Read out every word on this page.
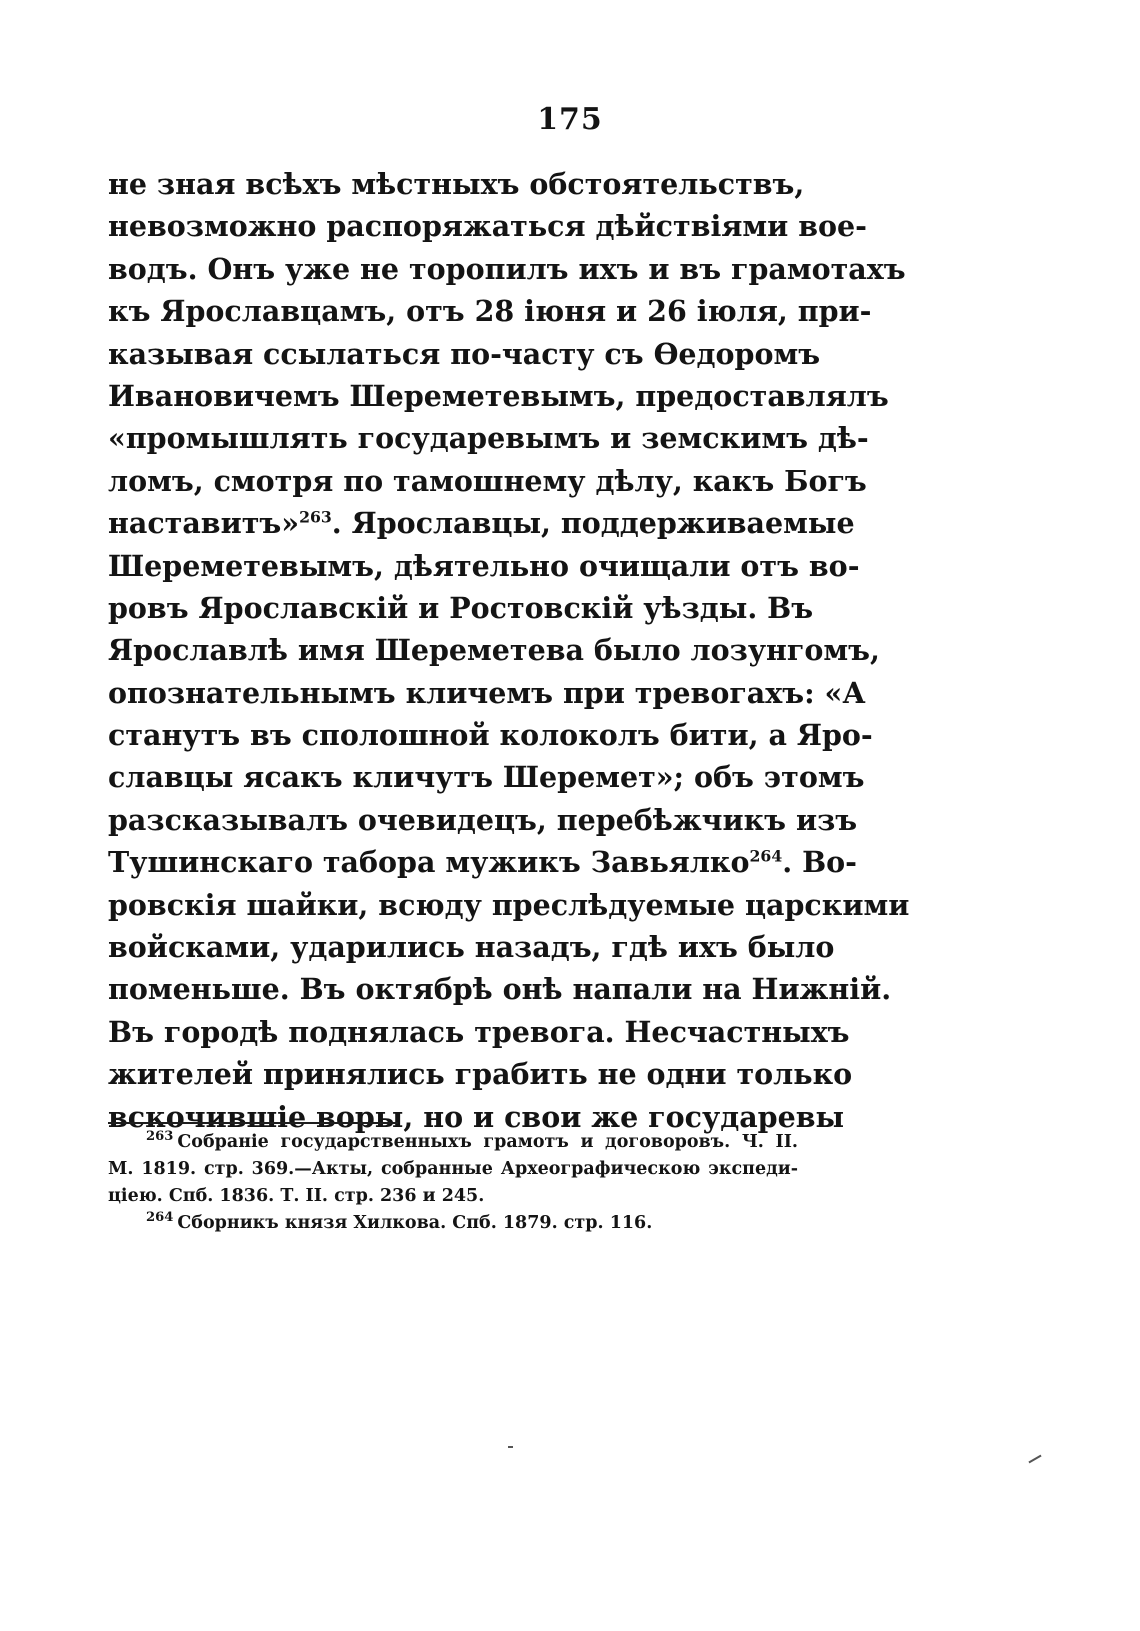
175
не зная всѣхъ мѣстныхъ обстоятельствъ,
невозможно распоряжаться дѣйствiями вое-
водъ. Онъ уже не торопилъ ихъ и въ грамотахъ
къ Ярославцамъ, отъ 28 iюня и 26 iюля, при-
казывая ссылаться по-часту съ Ѳедоромъ
Ивановичемъ Шереметевымъ, предоставлялъ
«промышлять государевымъ и земскимъ дѣ-
ломъ, смотря по тамошнему дѣлу, какъ Богъ
наставитъ»$^{263}$. Ярославцы, поддерживаемые
Шереметевымъ, дѣятельно очищали отъ во-
ровъ Ярославскiй и Ростовскiй уѣзды. Въ
Ярославлѣ имя Шереметева было лозунгомъ,
опознательнымъ кличемъ при тревогахъ: «А
станутъ въ сполошной колоколъ бити, а Яро-
славцы ясакъ кличутъ Шеремет»; объ этомъ
разсказывалъ очевидецъ, перебѣжчикъ изъ
Тушинскаго табора мужикъ Завьялко$^{264}$. Во-
ровскiя шайки, всюду преслѣдуемые царскими
войсками, ударились назадъ, гдѣ ихъ было
поменьше. Въ октябрѣ онѣ напали на Нижнiй.
Въ городѣ поднялась тревога. Несчастныхъ
жителей принялись грабить не одни только
вскочившiе воры, но и свои же государевы
$^{263}$ Собранiе государственныхъ грамотъ и договоровъ. Ч. II.
М. 1819. стр. 369.—Акты, собранные Археографическою экспеди-
цiею. Спб. 1836. Т. II. стр. 236 и 245.
$^{264}$ Сборникъ князя Хилкова. Спб. 1879. стр. 116.
